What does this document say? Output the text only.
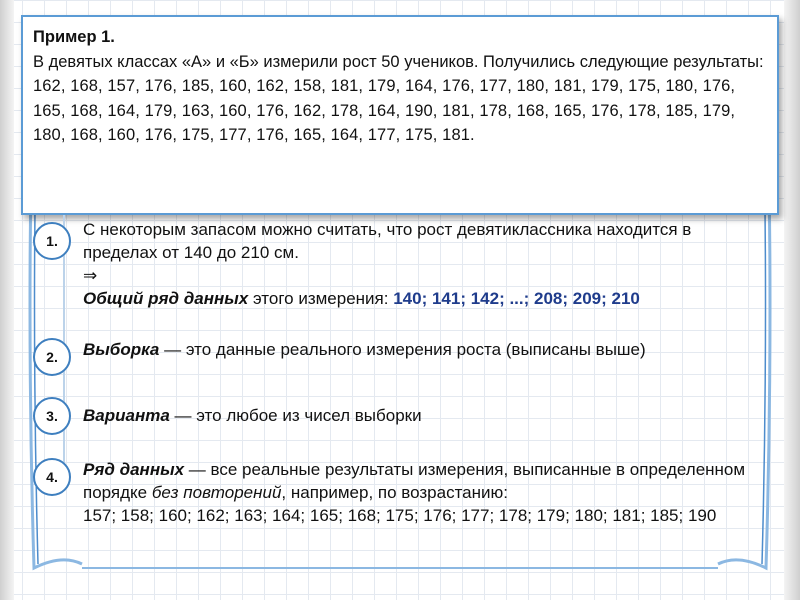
Пример 1.
В девятых классах «А» и «Б» измерили рост 50 учеников. Получились следующие результаты:
162, 168, 157, 176, 185, 160, 162, 158, 181, 179, 164, 176, 177, 180, 181, 179, 175, 180, 176, 165, 168, 164, 179, 163, 160, 176, 162, 178, 164, 190, 181, 178, 168, 165, 176, 178, 185, 179, 180, 168, 160, 176, 175, 177, 176, 165, 164, 177, 175, 181.
1.
С некоторым запасом можно считать, что рост девятиклассника находится в пределах от 140 до 210 см.
⇒
Общий ряд данных этого измерения: 140; 141; 142; ...; 208; 209; 210
2.	Выборка — это данные реального измерения роста (выписаны выше)
3.	Варианта — это любое из чисел выборки
4.	Ряд данных — все реальные результаты измерения, выписанные в определенном порядке без повторений, например, по возрастанию:
157; 158; 160; 162; 163; 164; 165; 168; 175; 176; 177; 178; 179; 180; 181; 185; 190
